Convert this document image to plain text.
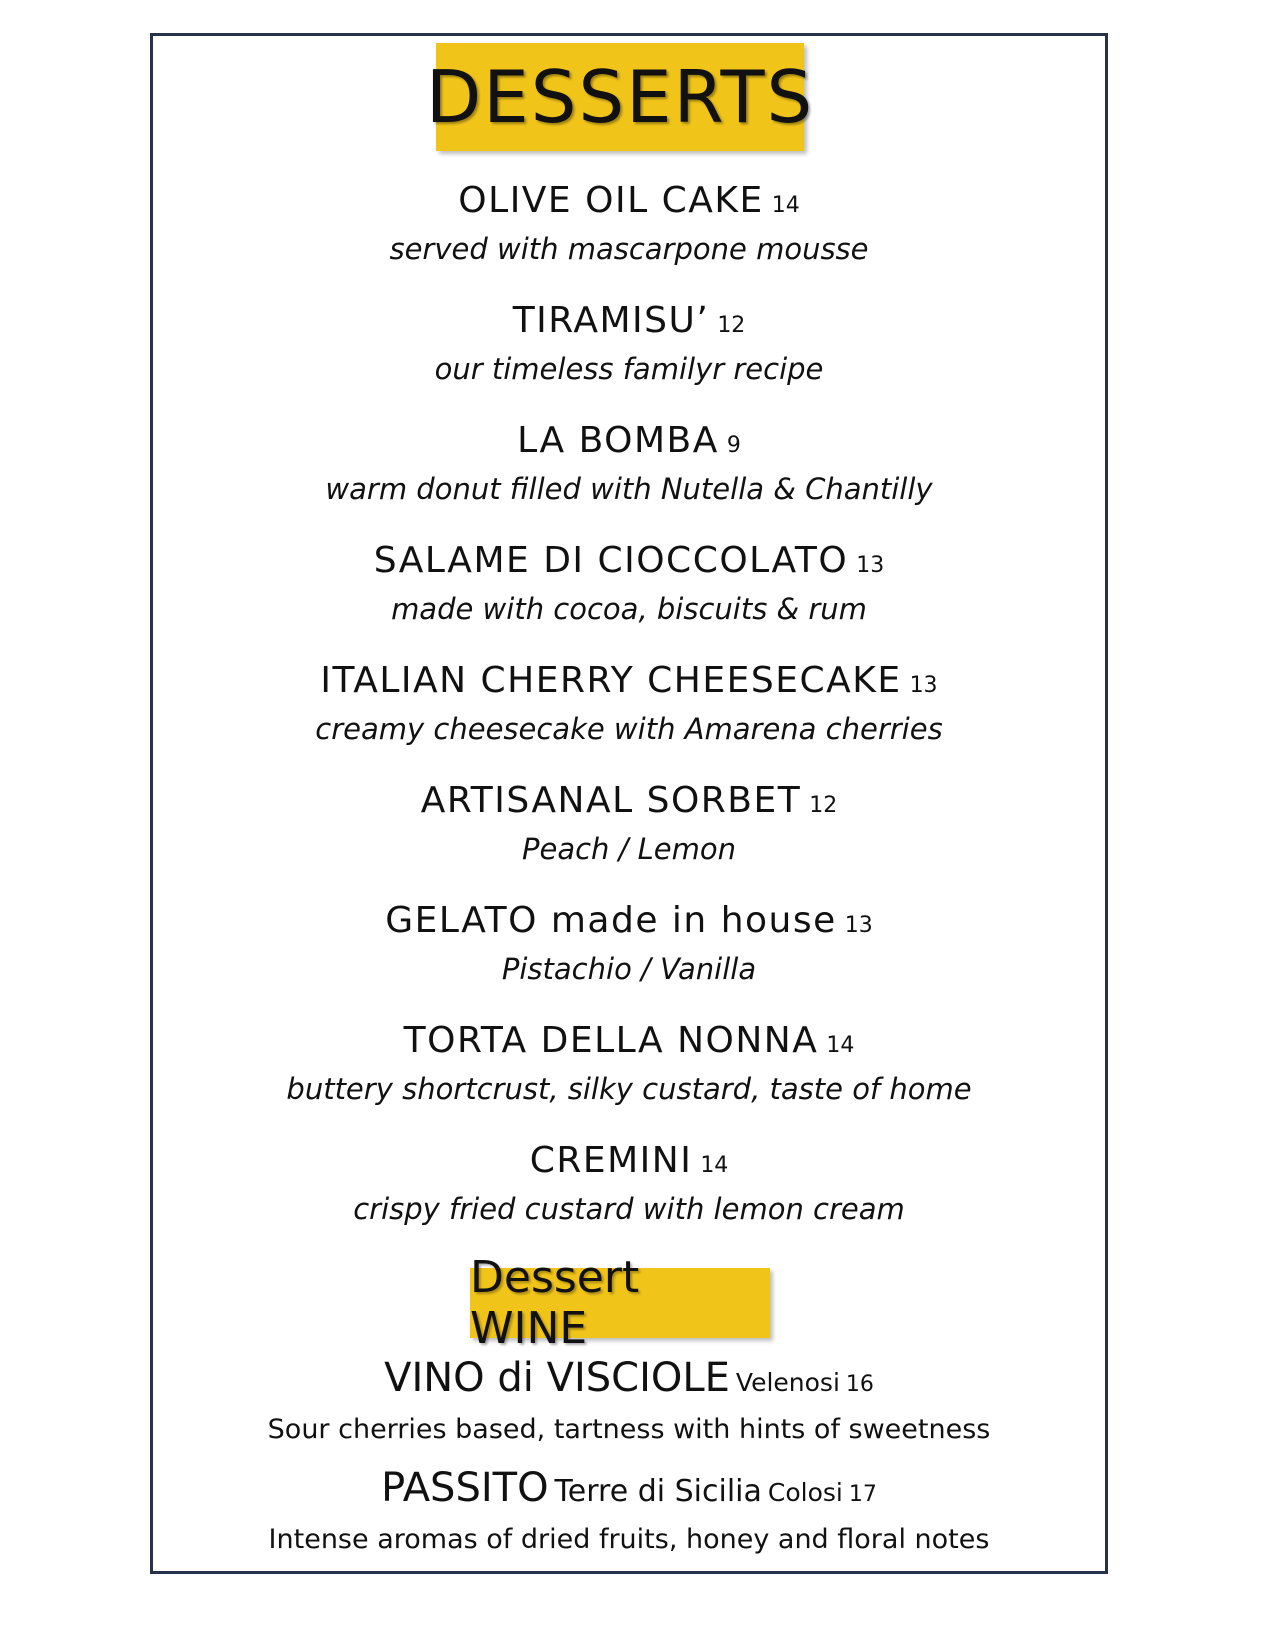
DESSERTS
OLIVE OIL CAKE 14
served with mascarpone mousse
TIRAMISU’ 12
our timeless familyr recipe
LA BOMBA 9
warm donut filled with Nutella & Chantilly
SALAME DI CIOCCOLATO 13
made with cocoa, biscuits & rum
ITALIAN CHERRY CHEESECAKE 13
creamy cheesecake with Amarena cherries
ARTISANAL SORBET 12
Peach / Lemon
GELATO made in house 13
Pistachio / Vanilla
TORTA DELLA NONNA 14
buttery shortcrust, silky custard, taste of home
CREMINI 14
crispy fried custard with lemon cream
Dessert WINE
VINO di VISCIOLE Velenosi 16
Sour cherries based, tartness with hints of sweetness
PASSITO Terre di Sicilia Colosi 17
Intense aromas of dried fruits, honey and floral notes
